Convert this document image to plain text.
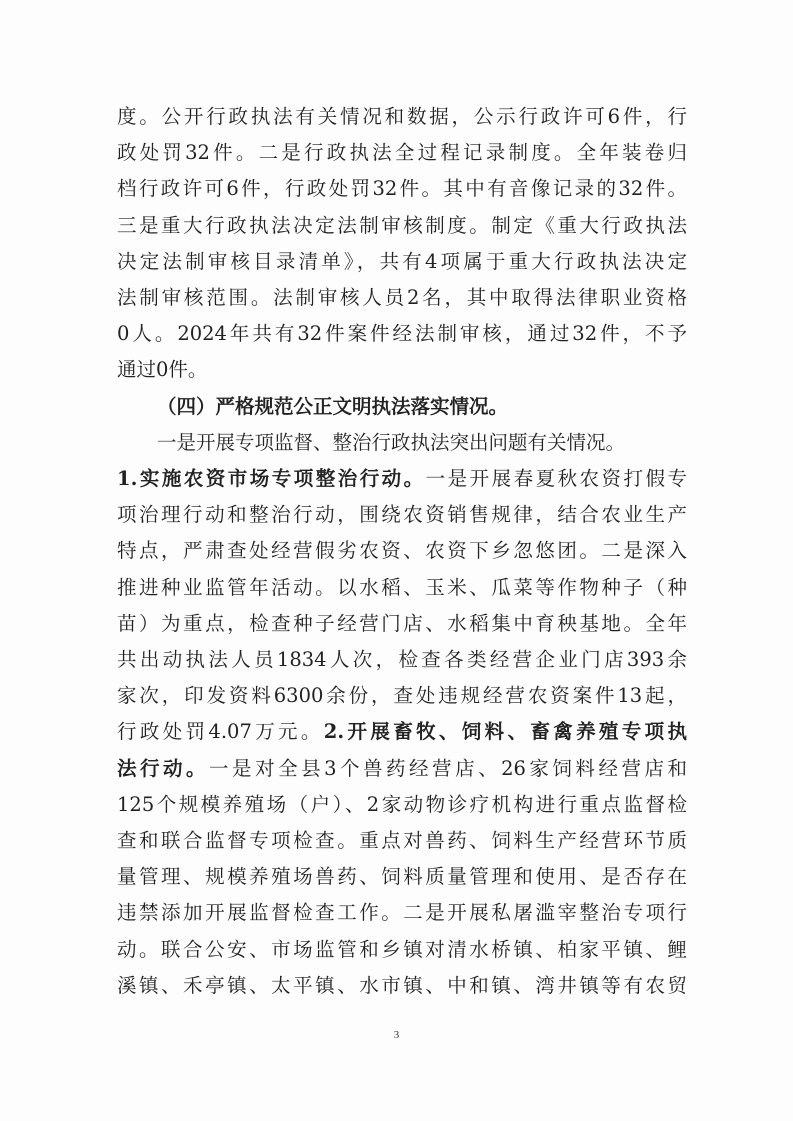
度。公开行政执法有关情况和数据，公示行政许可6件，行
政处罚32件。二是行政执法全过程记录制度。全年装卷归
档行政许可6件，行政处罚32件。其中有音像记录的32件。
三是重大行政执法决定法制审核制度。制定《重大行政执法
决定法制审核目录清单》，共有4项属于重大行政执法决定
法制审核范围。法制审核人员2名，其中取得法律职业资格
0人。2024年共有32件案件经法制审核，通过32件，不予
通过0件。
（四）严格规范公正文明执法落实情况。
一是开展专项监督、整治行政执法突出问题有关情况。
1.实施农资市场专项整治行动。一是开展春夏秋农资打假专
项治理行动和整治行动，围绕农资销售规律，结合农业生产
特点，严肃查处经营假劣农资、农资下乡忽悠团。二是深入
推进种业监管年活动。以水稻、玉米、瓜菜等作物种子（种
苗）为重点，检查种子经营门店、水稻集中育秧基地。全年
共出动执法人员1834人次，检查各类经营企业门店393余
家次，印发资料6300余份，查处违规经营农资案件13起，
行政处罚4.07万元。2.开展畜牧、饲料、畜禽养殖专项执
法行动。一是对全县3个兽药经营店、26家饲料经营店和
125个规模养殖场（户）、2家动物诊疗机构进行重点监督检
查和联合监督专项检查。重点对兽药、饲料生产经营环节质
量管理、规模养殖场兽药、饲料质量管理和使用、是否存在
违禁添加开展监督检查工作。二是开展私屠滥宰整治专项行
动。联合公安、市场监管和乡镇对清水桥镇、柏家平镇、鲤
溪镇、禾亭镇、太平镇、水市镇、中和镇、湾井镇等有农贸
3
